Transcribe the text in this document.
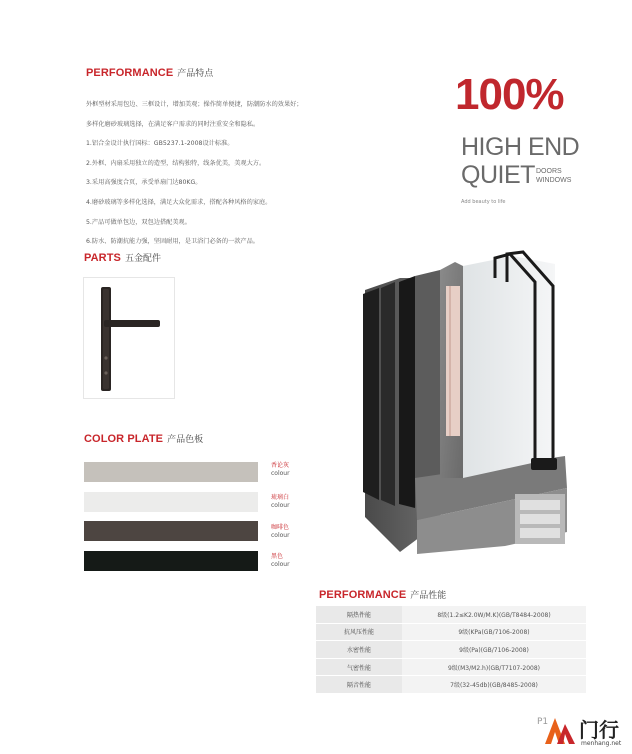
PERFORMANCE 产品特点
外框型材采用包边、三框设计，增加美观；操作简单便捷，防潮防水的效果好；
多样化磨砂玻璃选择，在满足客户需求的同时注重安全和隐私。
1.铝合金设计执行国标：GB5237.1-2008设计标准。
2.外框、内扇采用独立的造型，结构独特，线条优美，美观大方。
3.采用高强度合页，承受单扇门达80KG。
4.磨砂玻璃等多样化选择，满足大众化需求，搭配各种风格的家庭。
5.产品可做单包边，双包边搭配美观。
6.防水、防潮抗能力强，坚固耐用，是卫浴门必备的一款产品。
100%
HIGH END
QUIET DOORS
WINDOWS
Add beauty to life
PARTS 五金配件
COLOR PLATE 产品色板
香论灰
colour
琉璃白
colour
咖啡色
colour
黑色
colour
PERFORMANCE 产品性能
隔热件能	8级(1.2≤K2.0W/M.K)(GB/T8484-2008)
抗风压性能	9级(KPa(GB/7106-2008)
水密性能	9级(Pa)(GB/7106-2008)
气密性能	9级(M3/M2.h)(GB/T7107-2008)
隔音性能	7级(32-45db)(GB/8485-2008)
P1 门行
menhang.net
